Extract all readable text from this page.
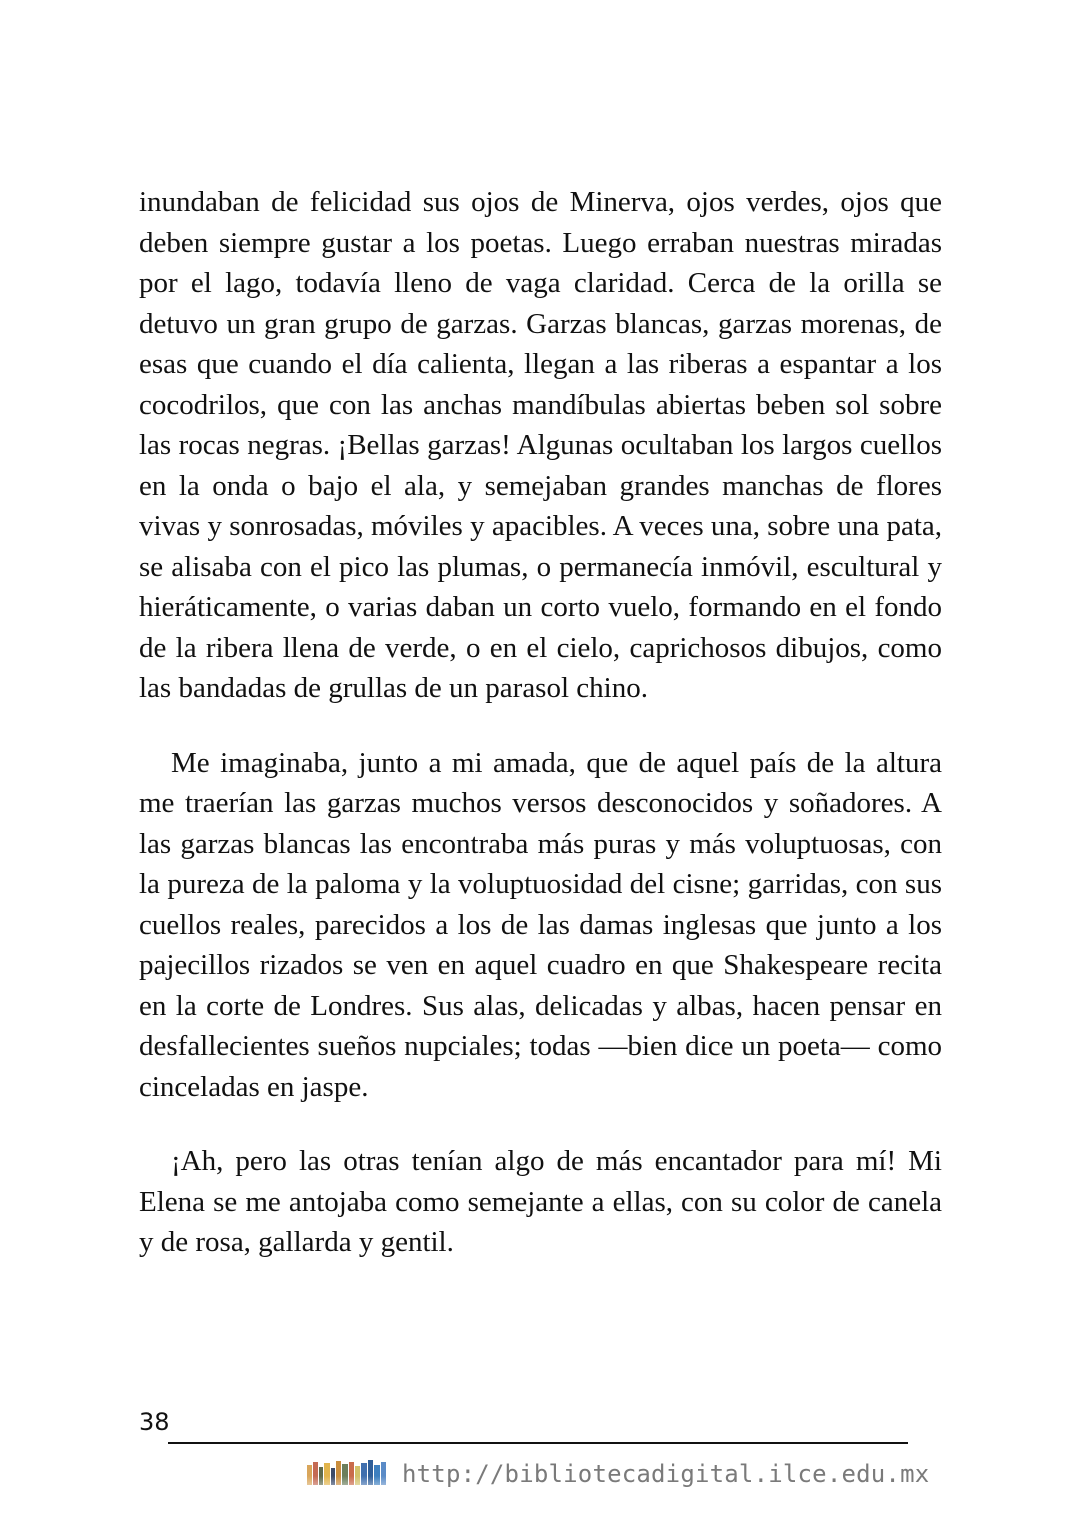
inundaban de felicidad sus ojos de Minerva, ojos verdes, ojos que deben siempre gustar a los poetas. Luego erraban nuestras miradas por el lago, todavía lleno de vaga claridad. Cerca de la orilla se detuvo un gran grupo de garzas. Garzas blancas, garzas morenas, de esas que cuando el día calienta, llegan a las riberas a espantar a los cocodrilos, que con las anchas mandíbulas abiertas beben sol sobre las rocas negras. ¡Bellas garzas! Algunas ocultaban los largos cuellos en la onda o bajo el ala, y semejaban grandes manchas de flores vivas y sonrosadas, móviles y apacibles. A veces una, sobre una pata, se alisaba con el pico las plumas, o permanecía inmóvil, escultural y hieráticamente, o varias daban un corto vuelo, formando en el fondo de la ribera llena de verde, o en el cielo, caprichosos dibujos, como las bandadas de grullas de un parasol chino.

Me imaginaba, junto a mi amada, que de aquel país de la altura me traerían las garzas muchos versos desconocidos y soñadores. A las garzas blancas las encontraba más puras y más voluptuosas, con la pureza de la paloma y la voluptuosidad del cisne; garridas, con sus cuellos reales, parecidos a los de las damas inglesas que junto a los pajecillos rizados se ven en aquel cuadro en que Shakespeare recita en la corte de Londres. Sus alas, delicadas y albas, hacen pensar en desfallecientes sueños nupciales; todas —bien dice un poeta— como cinceladas en jaspe.

¡Ah, pero las otras tenían algo de más encantador para mí! Mi Elena se me antojaba como semejante a ellas, con su color de canela y de rosa, gallarda y gentil.

38
http://bibliotecadigital.ilce.edu.mx
